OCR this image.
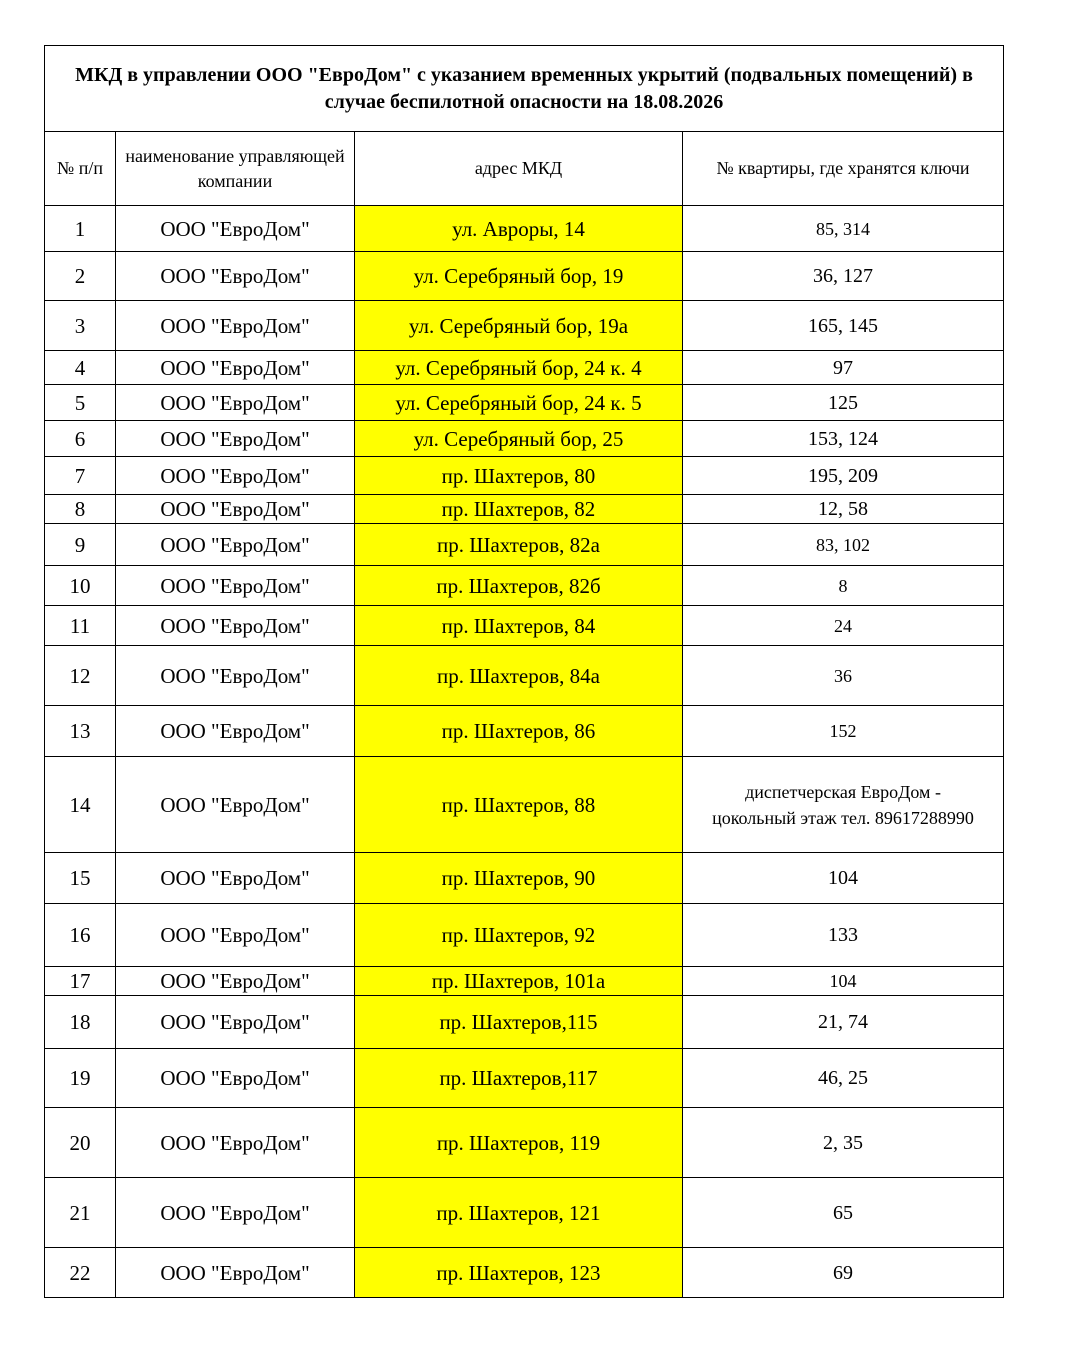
МКД в управлении ООО "ЕвроДом" с указанием временных укрытий (подвальных помещений) в случае беспилотной опасности на 18.08.2026			
№ п/п	наименование управляющей компании	адрес МКД	№ квартиры, где хранятся ключи
1	ООО "ЕвроДом"	ул. Авроры, 14	85, 314
2	ООО "ЕвроДом"	ул. Серебряный бор, 19	36, 127
3	ООО "ЕвроДом"	ул. Серебряный бор, 19а	165, 145
4	ООО "ЕвроДом"	ул. Серебряный бор, 24 к. 4	97
5	ООО "ЕвроДом"	ул. Серебряный бор, 24 к. 5	125
6	ООО "ЕвроДом"	ул. Серебряный бор, 25	153, 124
7	ООО "ЕвроДом"	пр. Шахтеров, 80	195, 209
8	ООО "ЕвроДом"	пр. Шахтеров, 82	12, 58
9	ООО "ЕвроДом"	пр. Шахтеров, 82а	83, 102
10	ООО "ЕвроДом"	пр. Шахтеров, 82б	8
11	ООО "ЕвроДом"	пр. Шахтеров, 84	24
12	ООО "ЕвроДом"	пр. Шахтеров, 84а	36
13	ООО "ЕвроДом"	пр. Шахтеров, 86	152
14	ООО "ЕвроДом"	пр. Шахтеров, 88	диспетчерская ЕвроДом -
цокольный этаж тел. 89617288990

15	ООО "ЕвроДом"	пр. Шахтеров, 90	104
16	ООО "ЕвроДом"	пр. Шахтеров, 92	133
17	ООО "ЕвроДом"	пр. Шахтеров, 101а	104
18	ООО "ЕвроДом"	пр. Шахтеров,115	21, 74
19	ООО "ЕвроДом"	пр. Шахтеров,117	46, 25
20	ООО "ЕвроДом"	пр. Шахтеров, 119	2, 35
21	ООО "ЕвроДом"	пр. Шахтеров, 121	65
22	ООО "ЕвроДом"	пр. Шахтеров, 123	69
